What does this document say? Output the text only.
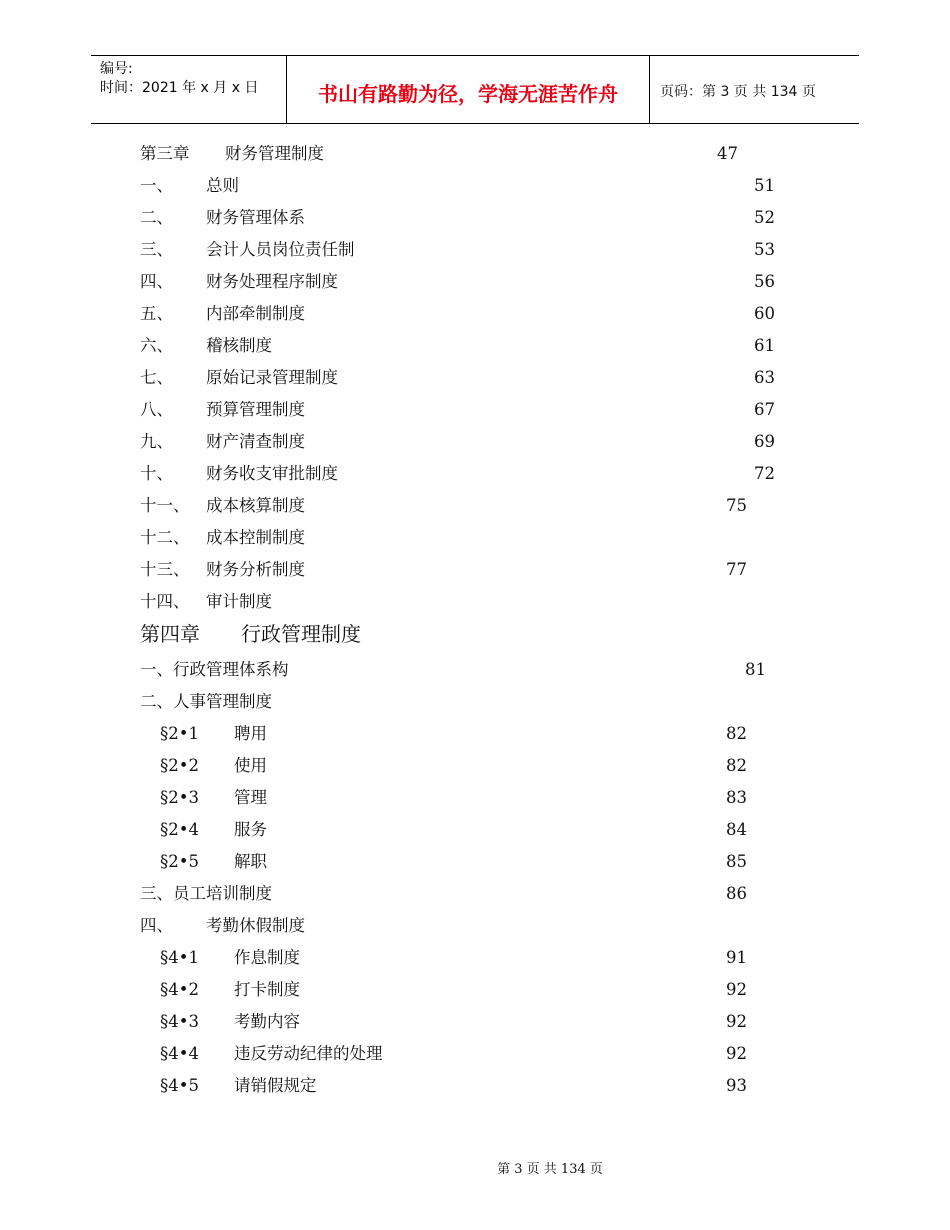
编号:
时间：2021 年 x 月 x 日	书山有路勤为径，学海无涯苦作舟	页码：第 3 页 共 134 页
第三章 财务管理制度	47
一、 总则	51
二、 财务管理体系	52
三、 会计人员岗位责任制	53
四、 财务处理程序制度	56
五、 内部牵制制度	60
六、 稽核制度	61
七、 原始记录管理制度	63
八、 预算管理制度	67
九、 财产清查制度	69
十、 财务收支审批制度	72
十一、 成本核算制度	75
十二、 成本控制制度
十三、 财务分析制度	77
十四、 审计制度
第四章 行政管理制度
一、行政管理体系构	81
二、人事管理制度
§2•1 聘用	82
§2•2 使用	82
§2•3 管理	83
§2•4 服务	84
§2•5 解职	85
三、员工培训制度	86
四、 考勤休假制度
§4•1 作息制度	91
§4•2 打卡制度	92
§4•3 考勤内容	92
§4•4 违反劳动纪律的处理	92
§4•5 请销假规定	93
第 3 页 共 134 页
